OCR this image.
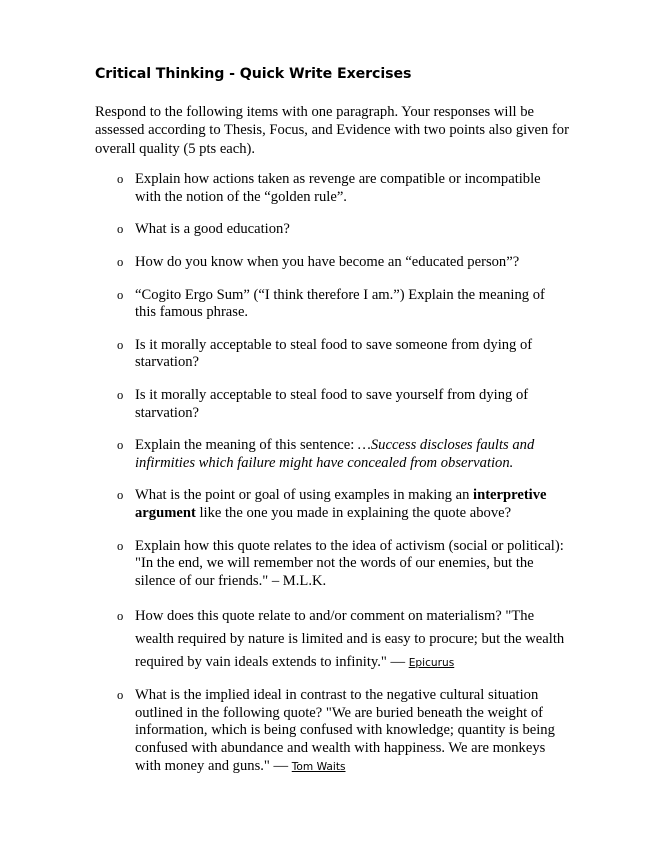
Critical Thinking - Quick Write Exercises

Respond to the following items with one paragraph. Your responses will be assessed according to Thesis, Focus, and Evidence with two points also given for overall quality (5 pts each).

o Explain how actions taken as revenge are compatible or incompatible with the notion of the “golden rule”.
o What is a good education?
o How do you know when you have become an “educated person”?
o “Cogito Ergo Sum” (“I think therefore I am.”) Explain the meaning of this famous phrase.
o Is it morally acceptable to steal food to save someone from dying of starvation?
o Is it morally acceptable to steal food to save yourself from dying of starvation?
o Explain the meaning of this sentence: …Success discloses faults and infirmities which failure might have concealed from observation.
o What is the point or goal of using examples in making an interpretive argument like the one you made in explaining the quote above?
o Explain how this quote relates to the idea of activism (social or political): "In the end, we will remember not the words of our enemies, but the silence of our friends." – M.L.K.
o How does this quote relate to and/or comment on materialism? "The wealth required by nature is limited and is easy to procure; but the wealth required by vain ideals extends to infinity." — Epicurus
o What is the implied ideal in contrast to the negative cultural situation outlined in the following quote? "We are buried beneath the weight of information, which is being confused with knowledge; quantity is being confused with abundance and wealth with happiness. We are monkeys with money and guns." — Tom Waits
